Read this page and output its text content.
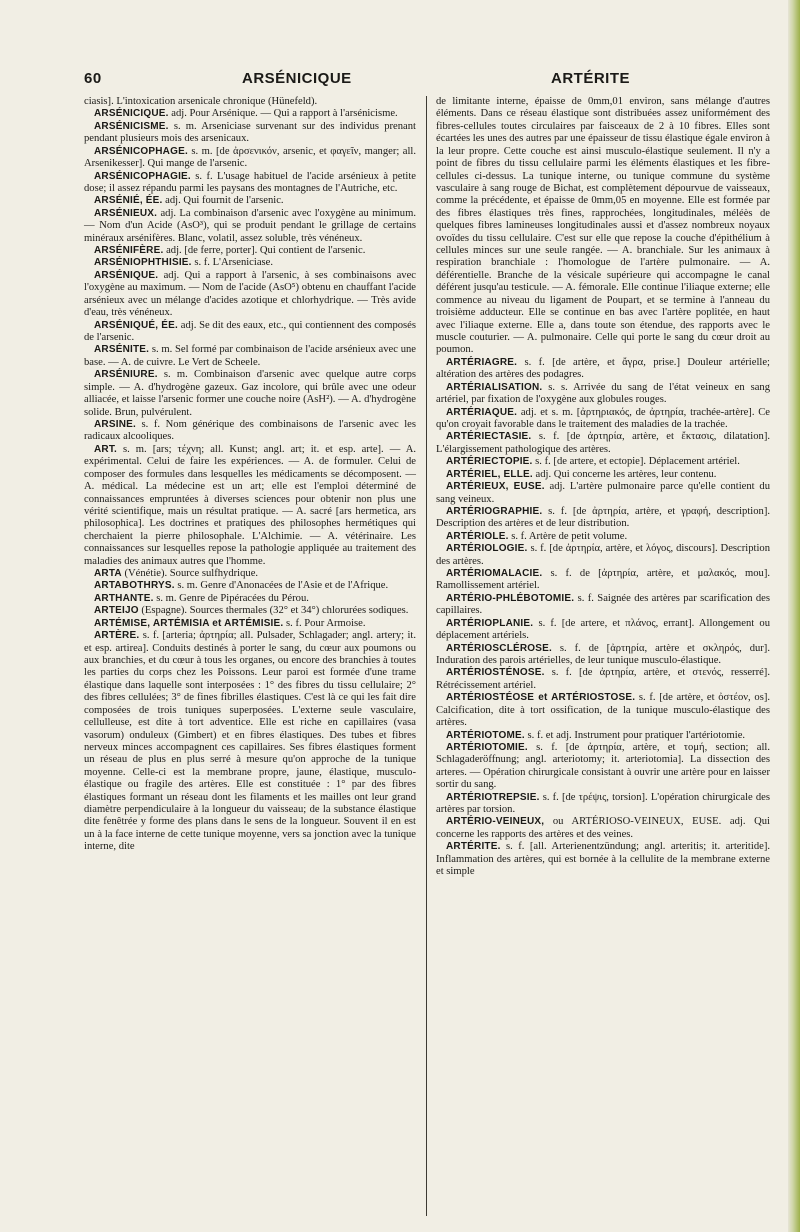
60	ARSÉNICIQUE	ARTÉRITE

ciasis]. L'intoxication arsenicale chronique (Hünefeld).

ARSÉNICIQUE. adj. Pour Arsénique. — Qui a rapport à l'arsénicisme.

ARSÉNICISME. s. m. Arseniciase survenant sur des individus prenant pendant plusieurs mois des arsenicaux.

ARSÉNICOPHAGE. s. m. [de ἀρσενικόν, arsenic, et φαγεῖν, manger; all. Arsenikesser]. Qui mange de l'arsenic.

ARSÉNICOPHAGIE. s. f. L'usage habituel de l'acide arsénieux à petite dose; il assez répandu parmi les paysans des montagnes de l'Autriche, etc.

ARSÉNIÉ, ÉE. adj. Qui fournit de l'arsenic.

ARSÉNIEUX. adj. La combinaison d'arsenic avec l'oxygène au minimum. — Nom d'un Acide (AsO³), qui se produit pendant le grillage de certains minéraux arsénifères. Blanc, volatil, assez soluble, très vénéneux.

ARSÉNIFÈRE. adj. [de ferre, porter]. Qui contient de l'arsenic.

ARSÉNIOPHTHISIE. s. f. L'Arseniciase.

ARSÉNIQUE. adj. Qui a rapport à l'arsenic, à ses combinaisons avec l'oxygène au maximum. — Nom de l'acide (AsO⁵) obtenu en chauffant l'acide arsénieux avec un mélange d'acides azotique et chlorhydrique. — Très avide d'eau, très vénéneux.

ARSÉNIQUÉ, ÉE. adj. Se dit des eaux, etc., qui contiennent des composés de l'arsenic.

ARSÉNITE. s. m. Sel formé par combinaison de l'acide arsénieux avec une base. — A. de cuivre. Le Vert de Scheele.

ARSÉNIURE. s. m. Combinaison d'arsenic avec quelque autre corps simple. — A. d'hydrogène gazeux. Gaz incolore, qui brûle avec une odeur alliacée, et laisse l'arsenic former une couche noire (AsH²). — A. d'hydrogène solide. Brun, pulvérulent.

ARSINE. s. f. Nom générique des combinaisons de l'arsenic avec les radicaux alcooliques.

ART. s. m. [ars; τέχνη; all. Kunst; angl. art; it. et esp. arte]. — A. expérimental. Celui de faire les expériences. — A. de formuler. Celui de composer des formules dans lesquelles les médicaments se décomposent. — A. médical. La médecine est un art; elle est l'emploi déterminé de connaissances empruntées à diverses sciences pour obtenir non plus une vérité scientifique, mais un résultat pratique. — A. sacré [ars hermetica, ars philosophica]. Les doctrines et pratiques des philosophes hermétiques qui cherchaient la pierre philosophale. L'Alchimie. — A. vétérinaire. Les connaissances sur lesquelles repose la pathologie appliquée au traitement des maladies des animaux autres que l'homme.

ARTA (Vénétie). Source sulfhydrique.

ARTABOTHRYS. s. m. Genre d'Anonacées de l'Asie et de l'Afrique.

ARTHANTE. s. m. Genre de Pipéracées du Pérou.

ARTEIJO (Espagne). Sources thermales (32° et 34°) chlorurées sodiques.

ARTÉMISE, ARTÉMISIA et ARTÉMISIE. s. f. Pour Armoise.

ARTÈRE. s. f. [arteria; ἀρτηρία; all. Pulsader, Schlagader; angl. artery; it. et esp. artirea]. Conduits destinés à porter le sang, du cœur aux poumons ou aux branchies, et du cœur à tous les organes, ou encore des branchies à toutes les parties du corps chez les Poissons. Leur paroi est formée d'une trame élastique dans laquelle sont interposées : 1° des fibres du tissu cellulaire; 2° des fibres cellulées; 3° de fines fibrilles élastiques. C'est là ce qui les fait dire composées de trois tuniques superposées. L'externe seule vasculaire, cellulleuse, est dite à tort adventice. Elle est riche en capillaires (vasa vasorum) onduleux (Gimbert) et en fibres élastiques. Des tubes et fibres nerveux minces accompagnent ces capillaires. Ses fibres élastiques forment un réseau de plus en plus serré à mesure qu'on approche de la tunique moyenne. Celle-ci est la membrane propre, jaune, élastique, musculo-élastique ou fragile des artères. Elle est constituée : 1° par des fibres élastiques formant un réseau dont les filaments et les mailles ont leur grand diamètre perpendiculaire à la longueur du vaisseau; de la substance élastique dite fenêtrée y forme des plans dans le sens de la longueur. Souvent il en est un à la face interne de cette tunique moyenne, vers sa jonction avec la tunique interne, dite

de limitante interne, épaisse de 0mm,01 environ, sans mélange d'autres éléments. Dans ce réseau élastique sont distribuées assez uniformément des fibres-cellules toutes circulaires par faisceaux de 2 à 10 fibres. Elles sont écartées les unes des autres par une épaisseur de tissu élastique égale environ à la leur propre. Cette couche est ainsi musculo-élastique seulement. Il n'y a point de fibres du tissu cellulaire parmi les éléments élastiques et les fibre-cellules ci-dessus. La tunique interne, ou tunique commune du système vasculaire à sang rouge de Bichat, est complètement dépourvue de vaisseaux, comme la précédente, et épaisse de 0mm,05 en moyenne. Elle est formée par des fibres élastiques très fines, rapprochées, longitudinales, méléès de quelques fibres lamineuses longitudinales aussi et d'assez nombreux noyaux ovoïdes du tissu cellulaire. C'est sur elle que repose la couche d'épithélium à cellules minces sur une seule rangée. — A. branchiale. Sur les animaux à respiration branchiale : l'homologue de l'artère pulmonaire. — A. déférentielle. Branche de la vésicale supérieure qui accompagne le canal déférent jusqu'au testicule. — A. fémorale. Elle continue l'iliaque externe; elle commence au niveau du ligament de Poupart, et se termine à l'anneau du troisième adducteur. Elle se continue en bas avec l'artère poplitée, en haut avec l'iliaque externe. Elle a, dans toute son étendue, des rapports avec le muscle couturier. — A. pulmonaire. Celle qui porte le sang du cœur droit au poumon.

ARTÉRIAGRE. s. f. [de artère, et ἄγρα, prise.] Douleur artérielle; altération des artères des podagres.

ARTÉRIALISATION. s. s. Arrivée du sang de l'état veineux en sang artériel, par fixation de l'oxygène aux globules rouges.

ARTÉRIAQUE. adj. et s. m. [ἀρτηριακός, de ἀρτηρία, trachée-artère]. Ce qu'on croyait favorable dans le traitement des maladies de la trachée.

ARTÉRIECTASIE. s. f. [de ἀρτηρία, artère, et ἔκτασις, dilatation]. L'élargissement pathologique des artères.

ARTÉRIECTOPIE. s. f. [de artere, et ectopie]. Déplacement artériel.

ARTÉRIEL, ELLE. adj. Qui concerne les artères, leur contenu.

ARTÉRIEUX, EUSE. adj. L'artère pulmonaire parce qu'elle contient du sang veineux.

ARTÉRIOGRAPHIE. s. f. [de ἀρτηρία, artère, et γραφή, description]. Description des artères et de leur distribution.

ARTÉRIOLE. s. f. Artère de petit volume.

ARTÉRIOLOGIE. s. f. [de ἀρτηρία, artère, et λόγος, discours]. Description des artères.

ARTÉRIOMALACIE. s. f. de [ἀρτηρία, artère, et μαλακός, mou]. Ramollissement artériel.

ARTÉRIO-PHLÉBOTOMIE. s. f. Saignée des artères par scarification des capillaires.

ARTÉRIOPLANIE. s. f. [de artere, et πλάνος, errant]. Allongement ou déplacement artériels.

ARTÉRIOSCLÉROSE. s. f. de [ἀρτηρία, artère et σκληρός, dur]. Induration des parois artérielles, de leur tunique musculo-élastique.

ARTÉRIOSTÉNOSE. s. f. [de ἀρτηρία, artère, et στενός, resserré]. Rétrécissement artériel.

ARTÉRIOSTÉOSE et ARTÉRIOSTOSE. s. f. [de artère, et ὀστέον, os]. Calcification, dite à tort ossification, de la tunique musculo-élastique des artères.

ARTÉRIOTOME. s. f. et adj. Instrument pour pratiquer l'artériotomie.

ARTÉRIOTOMIE. s. f. [de ἀρτηρία, artère, et τομή, section; all. Schlagaderöffnung; angl. arteriotomy; it. arteriotomia]. La dissection des arteres. — Opération chirurgicale consistant à ouvrir une artère pour en laisser sortir du sang.

ARTÉRIOTREPSIE. s. f. [de τρέψις, torsion]. L'opération chirurgicale des artères par torsion.

ARTÉRIO-VEINEUX, ou ARTÉRIOSO-VEINEUX, EUSE. adj. Qui concerne les rapports des artères et des veines.

ARTÉRITE. s. f. [all. Arterienentzündung; angl. arteritis; it. arteritide]. Inflammation des artères, qui est bornée à la cellulite de la membrane externe et simple
